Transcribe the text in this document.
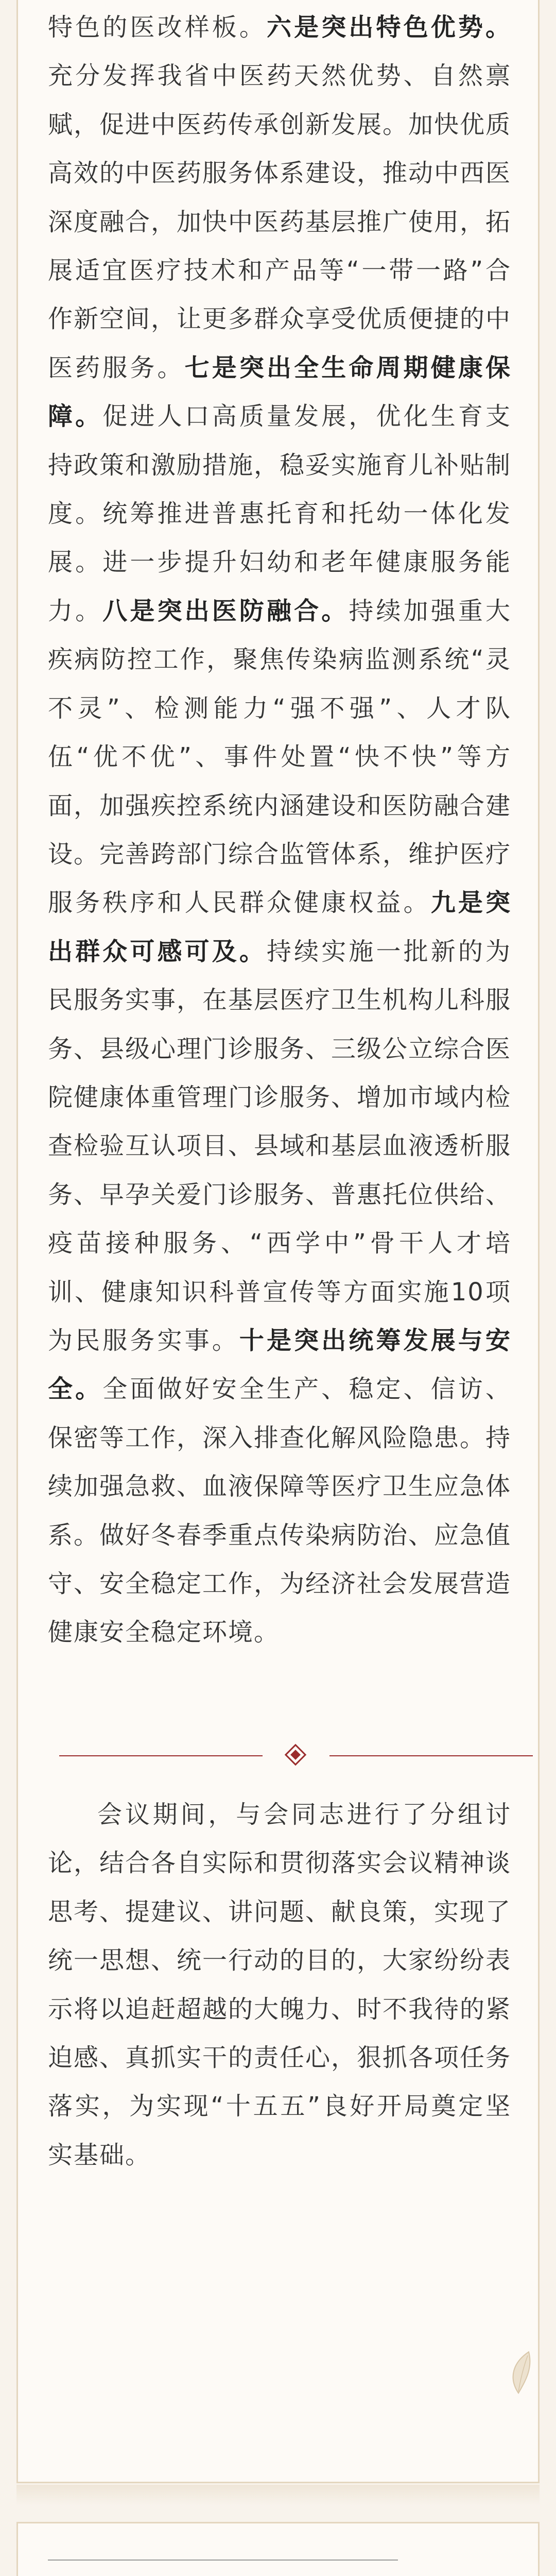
特色的医改样板。六是突出特色优势。充分发挥我省中医药天然优势、自然禀赋，促进中医药传承创新发展。加快优质高效的中医药服务体系建设，推动中西医深度融合，加快中医药基层推广使用，拓展适宜医疗技术和产品等“一带一路”合作新空间，让更多群众享受优质便捷的中医药服务。七是突出全生命周期健康保障。促进人口高质量发展，优化生育支持政策和激励措施，稳妥实施育儿补贴制度。统筹推进普惠托育和托幼一体化发展。进一步提升妇幼和老年健康服务能力。八是突出医防融合。持续加强重大疾病防控工作，聚焦传染病监测系统“灵不灵”、检测能力“强不强”、人才队伍“优不优”、事件处置“快不快”等方面，加强疾控系统内涵建设和医防融合建设。完善跨部门综合监管体系，维护医疗服务秩序和人民群众健康权益。九是突出群众可感可及。持续实施一批新的为民服务实事，在基层医疗卫生机构儿科服务、县级心理门诊服务、三级公立综合医院健康体重管理门诊服务、增加市域内检查检验互认项目、县域和基层血液透析服务、早孕关爱门诊服务、普惠托位供给、疫苗接种服务、“西学中”骨干人才培训、健康知识科普宣传等方面实施10项为民服务实事。十是突出统筹发展与安全。全面做好安全生产、稳定、信访、保密等工作，深入排查化解风险隐患。持续加强急救、血液保障等医疗卫生应急体系。做好冬春季重点传染病防治、应急值守、安全稳定工作，为经济社会发展营造健康安全稳定环境。

会议期间，与会同志进行了分组讨论，结合各自实际和贯彻落实会议精神谈思考、提建议、讲问题、献良策，实现了统一思想、统一行动的目的，大家纷纷表示将以追赶超越的大魄力、时不我待的紧迫感、真抓实干的责任心，狠抓各项任务落实，为实现“十五五”良好开局奠定坚实基础。
